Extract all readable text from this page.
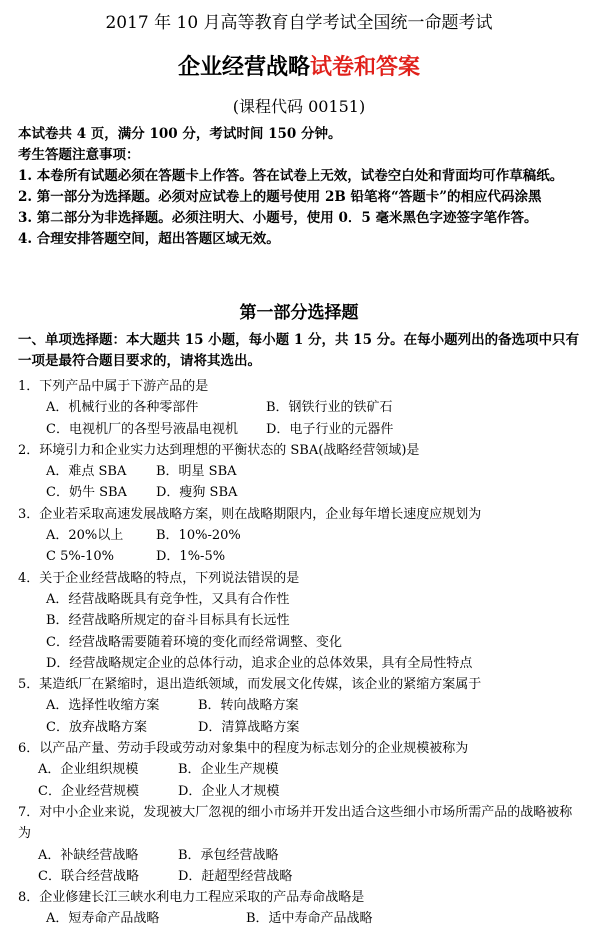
2017 年 10 月高等教育自学考试全国统一命题考试
企业经营战略试卷和答案
(课程代码 00151)

本试卷共 4 页，满分 100 分，考试时间 150 分钟。

考生答题注意事项：

1. 本卷所有试题必须在答题卡上作答。答在试卷上无效，试卷空白处和背面均可作草稿纸。

2. 第一部分为选择题。必须对应试卷上的题号使用 2B 铅笔将“答题卡”的相应代码涂黑

3. 第二部分为非选择题。必须注明大、小题号，使用 0．5 毫米黑色字迹签字笔作答。

4. 合理安排答题空间，超出答题区域无效。

第一部分选择题
一、单项选择题：本大题共 15 小题，每小题 1 分，共 15 分。在每小题列出的备选项中只有一项是最符合题目要求的，请将其选出。

1．下列产品中属于下游产品的是

A．机械行业的各种零部件	B．钢铁行业的铁矿石

C．电视机厂的各型号液晶电视机 D．电子行业的元器件

2．环境引力和企业实力达到理想的平衡状态的 SBA(战略经营领域)是

A．难点 SBA B．明星 SBA

C．奶牛 SBA D．瘦狗 SBA

3．企业若采取高速发展战略方案，则在战略期限内，企业每年增长速度应规划为

A．20%以上	B．10%-20%

C 5%-10%	D．1%-5%

4．关于企业经营战略的特点，下列说法错误的是

A．经营战略既具有竞争性，又具有合作性

B．经营战略所规定的奋斗目标具有长远性

C．经营战略需要随着环境的变化而经常调整、变化

D．经营战略规定企业的总体行动，追求企业的总体效果，具有全局性特点

5．某造纸厂在紧缩时，退出造纸领域，而发展文化传媒，该企业的紧缩方案属于

A．选择性收缩方案	B．转向战略方案

C．放弃战略方案	D．清算战略方案

6．以产品产量、劳动手段或劳动对象集中的程度为标志划分的企业规模被称为

A．企业组织规模	B．企业生产规模

C．企业经营规模	D．企业人才规模

7．对中小企业来说，发现被大厂忽视的细小市场并开发出适合这些细小市场所需产品的战略被称为

A．补缺经营战略	B．承包经营战略

C．联合经营战略	D．赶超型经营战略

8．企业修建长江三峡水利电力工程应采取的产品寿命战略是

A．短寿命产品战略	B．适中寿命产品战略
